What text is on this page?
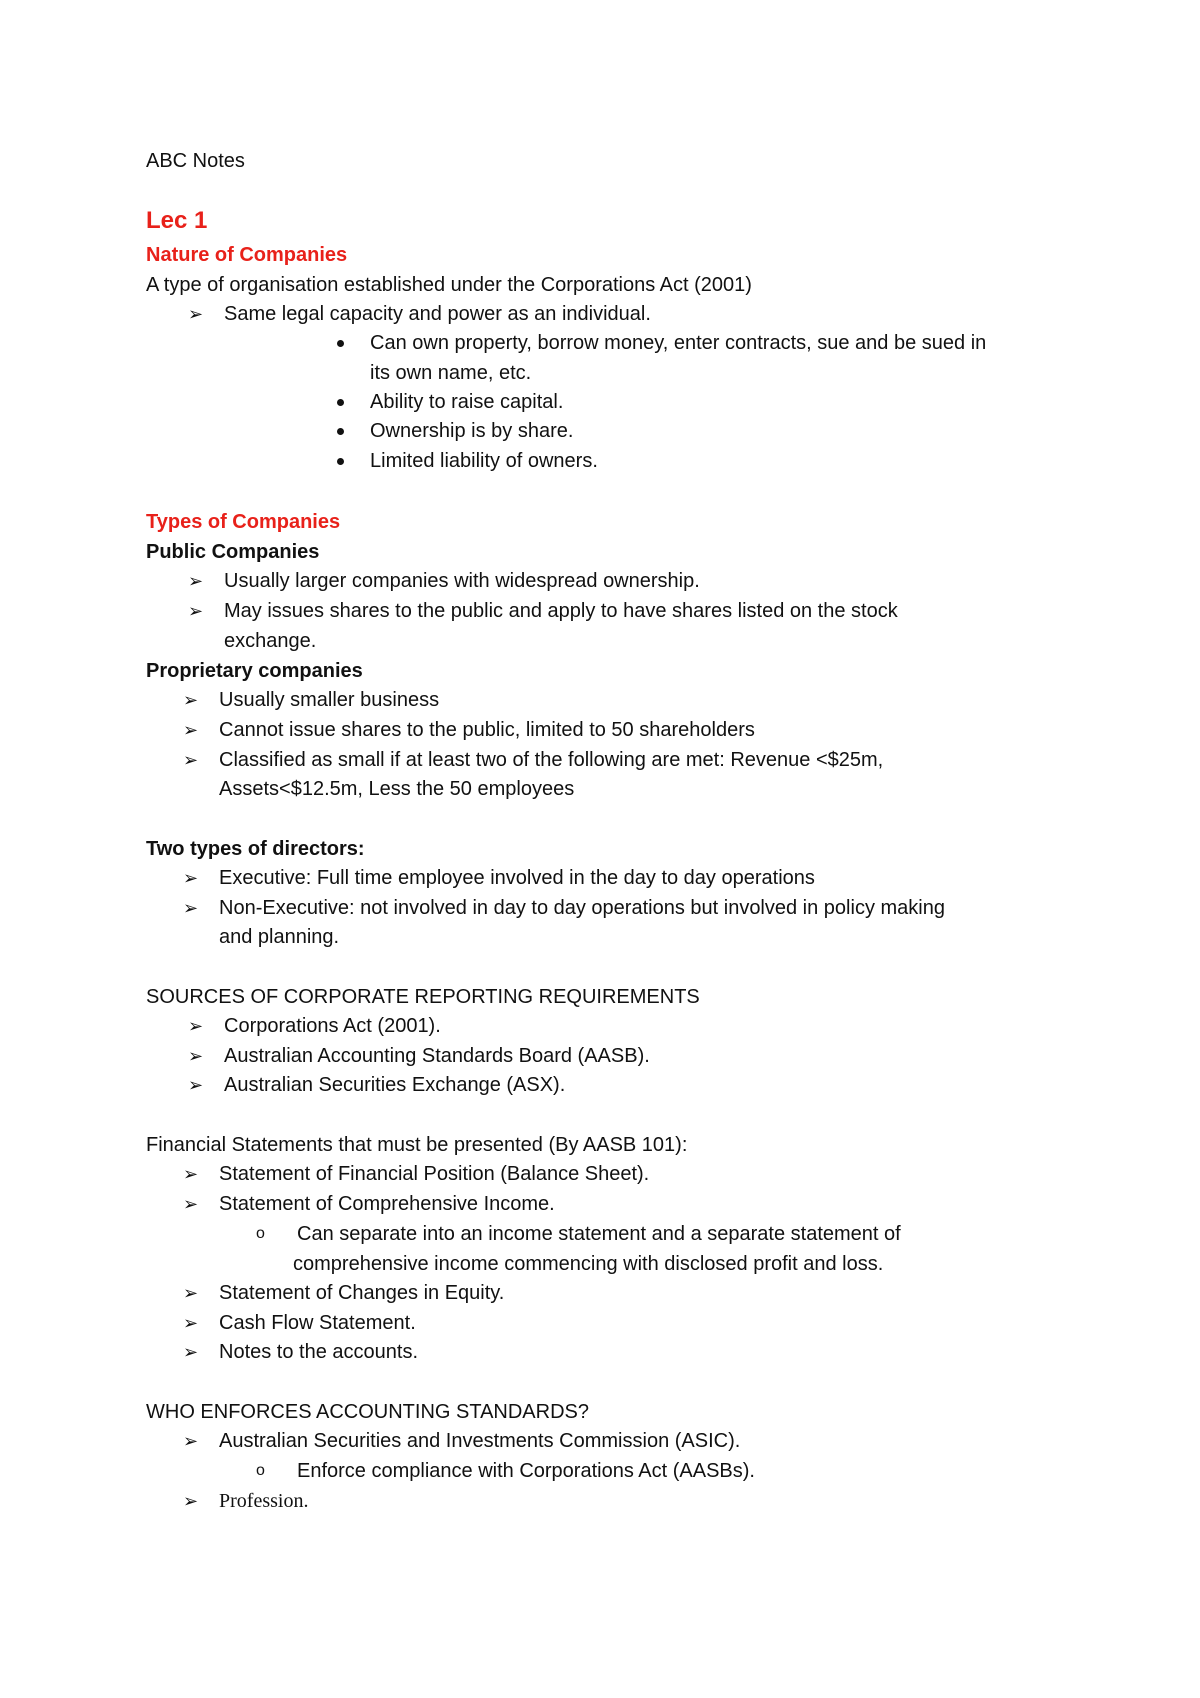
ABC Notes
Lec 1
Nature of Companies
A type of organisation established under the Corporations Act (2001)
➢ Same legal capacity and power as an individual.
Can own property, borrow money, enter contracts, sue and be sued in
its own name, etc.
Ability to raise capital.
Ownership is by share.
Limited liability of owners.
Types of Companies
Public Companies
➢ Usually larger companies with widespread ownership.
➢ May issues shares to the public and apply to have shares listed on the stock
exchange.
Proprietary companies
➢ Usually smaller business
➢ Cannot issue shares to the public, limited to 50 shareholders
➢ Classified as small if at least two of the following are met: Revenue <$25m,
Assets<$12.5m, Less the 50 employees
Two types of directors:
➢ Executive: Full time employee involved in the day to day operations
➢ Non-Executive: not involved in day to day operations but involved in policy making
and planning.
SOURCES OF CORPORATE REPORTING REQUIREMENTS
➢ Corporations Act (2001).
➢ Australian Accounting Standards Board (AASB).
➢ Australian Securities Exchange (ASX).
Financial Statements that must be presented (By AASB 101):
➢ Statement of Financial Position (Balance Sheet).
➢ Statement of Comprehensive Income.
o Can separate into an income statement and a separate statement of
comprehensive income commencing with disclosed profit and loss.
➢ Statement of Changes in Equity.
➢ Cash Flow Statement.
➢ Notes to the accounts.
WHO ENFORCES ACCOUNTING STANDARDS?
➢ Australian Securities and Investments Commission (ASIC).
o Enforce compliance with Corporations Act (AASBs).
➢ Profession.
